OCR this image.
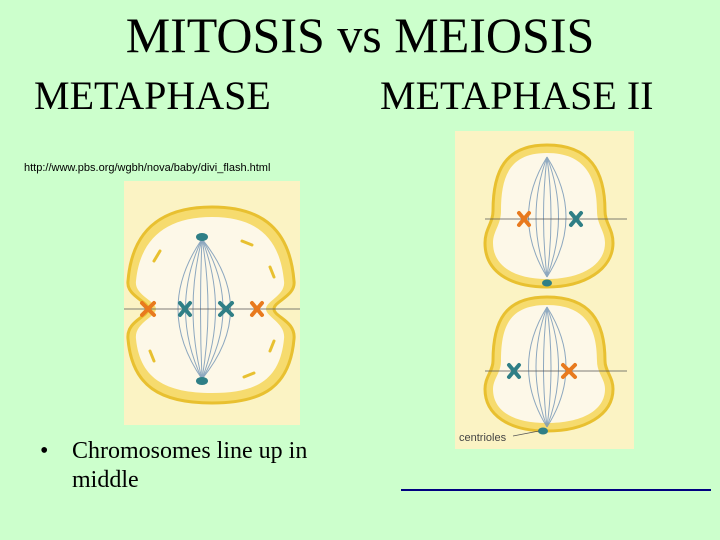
MITOSIS vs MEIOSIS
METAPHASE	METAPHASE II
http://www.pbs.org/wgbh/nova/baby/divi_flash.html
centrioles
• Chromosomes line up in middle
